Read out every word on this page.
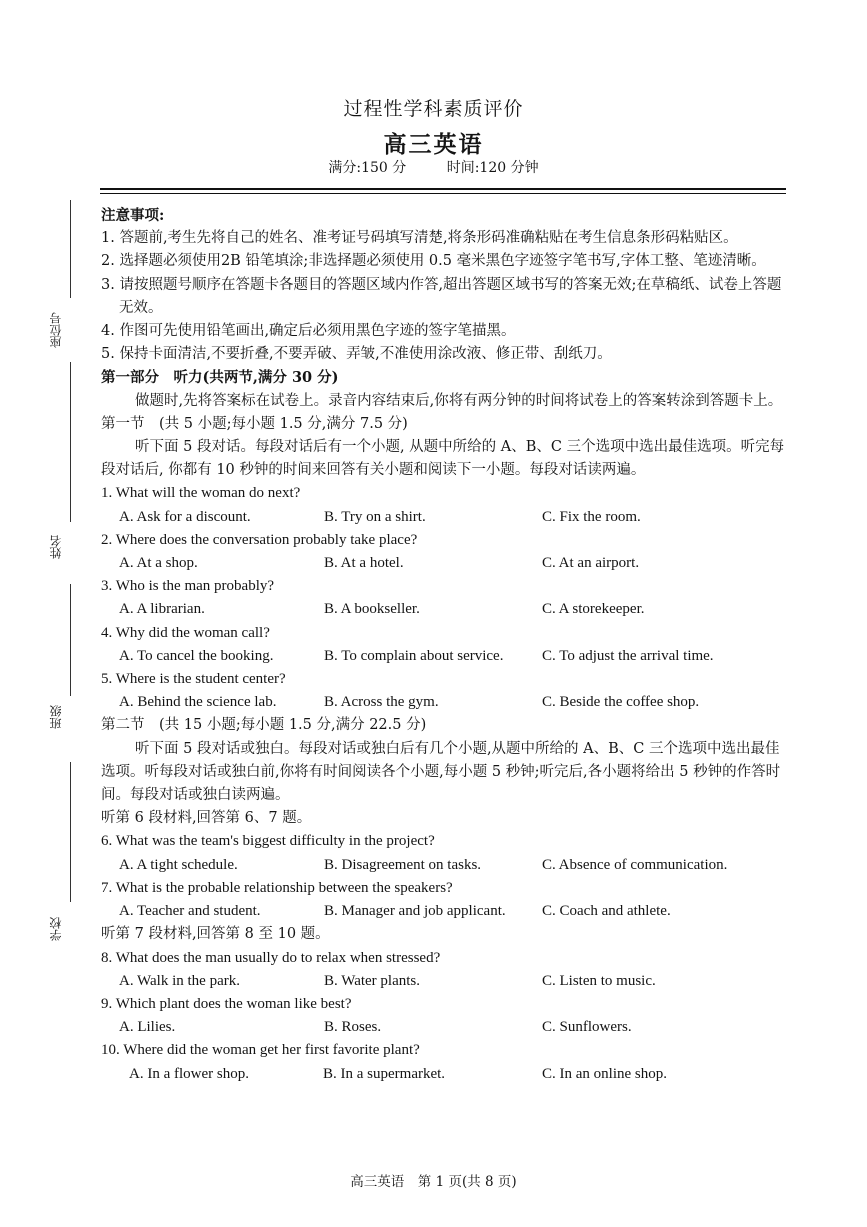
过程性学科素质评价
高三英语
满分:150 分	时间:120 分钟
座位号
姓名
班级
学校

注意事项:

1. 答题前,考生先将自己的姓名、准考证号码填写清楚,将条形码准确粘贴在考生信息条形码粘贴区。

2. 选择题必须使用2B 铅笔填涂;非选择题必须使用 0.5 毫米黑色字迹签字笔书写,字体工整、笔迹清晰。

3. 请按照题号顺序在答题卡各题目的答题区域内作答,超出答题区域书写的答案无效;在草稿纸、试卷上答题无效。

4. 作图可先使用铅笔画出,确定后必须用黑色字迹的签字笔描黑。

5. 保持卡面清洁,不要折叠,不要弄破、弄皱,不准使用涂改液、修正带、刮纸刀。

第一部分　听力(共两节,满分 30 分)

做题时,先将答案标在试卷上。录音内容结束后,你将有两分钟的时间将试卷上的答案转涂到答题卡上。

第一节　(共 5 小题;每小题 1.5 分,满分 7.5 分)

听下面 5 段对话。每段对话后有一个小题, 从题中所给的 A、B、C 三个选项中选出最佳选项。听完每段对话后, 你都有 10 秒钟的时间来回答有关小题和阅读下一小题。每段对话读两遍。

1. What will the woman do next?

A. Ask for a discount.	B. Try on a shirt.	C. Fix the room.

2. Where does the conversation probably take place?

A. At a shop.	B. At a hotel.	C. At an airport.

3. Who is the man probably?

A. A librarian.	B. A bookseller.	C. A storekeeper.

4. Why did the woman call?

A. To cancel the booking.	B. To complain about service.	C. To adjust the arrival time.

5. Where is the student center?

A. Behind the science lab.	B. Across the gym.	C. Beside the coffee shop.

第二节　(共 15 小题;每小题 1.5 分,满分 22.5 分)

听下面 5 段对话或独白。每段对话或独白后有几个小题,从题中所给的 A、B、C 三个选项中选出最佳选项。听每段对话或独白前,你将有时间阅读各个小题,每小题 5 秒钟;听完后,各小题将给出 5 秒钟的作答时间。每段对话或独白读两遍。

听第 6 段材料,回答第 6、7 题。

6. What was the team's biggest difficulty in the project?

A. A tight schedule.	B. Disagreement on tasks.	C. Absence of communication.

7. What is the probable relationship between the speakers?

A. Teacher and student.	B. Manager and job applicant.	C. Coach and athlete.

听第 7 段材料,回答第 8 至 10 题。

8. What does the man usually do to relax when stressed?

A. Walk in the park.	B. Water plants.	C. Listen to music.

9. Which plant does the woman like best?

A. Lilies.	B. Roses.	C. Sunflowers.

10. Where did the woman get her first favorite plant?

A. In a flower shop.	B. In a supermarket.	C. In an online shop.
高三英语　第 1 页(共 8 页)
